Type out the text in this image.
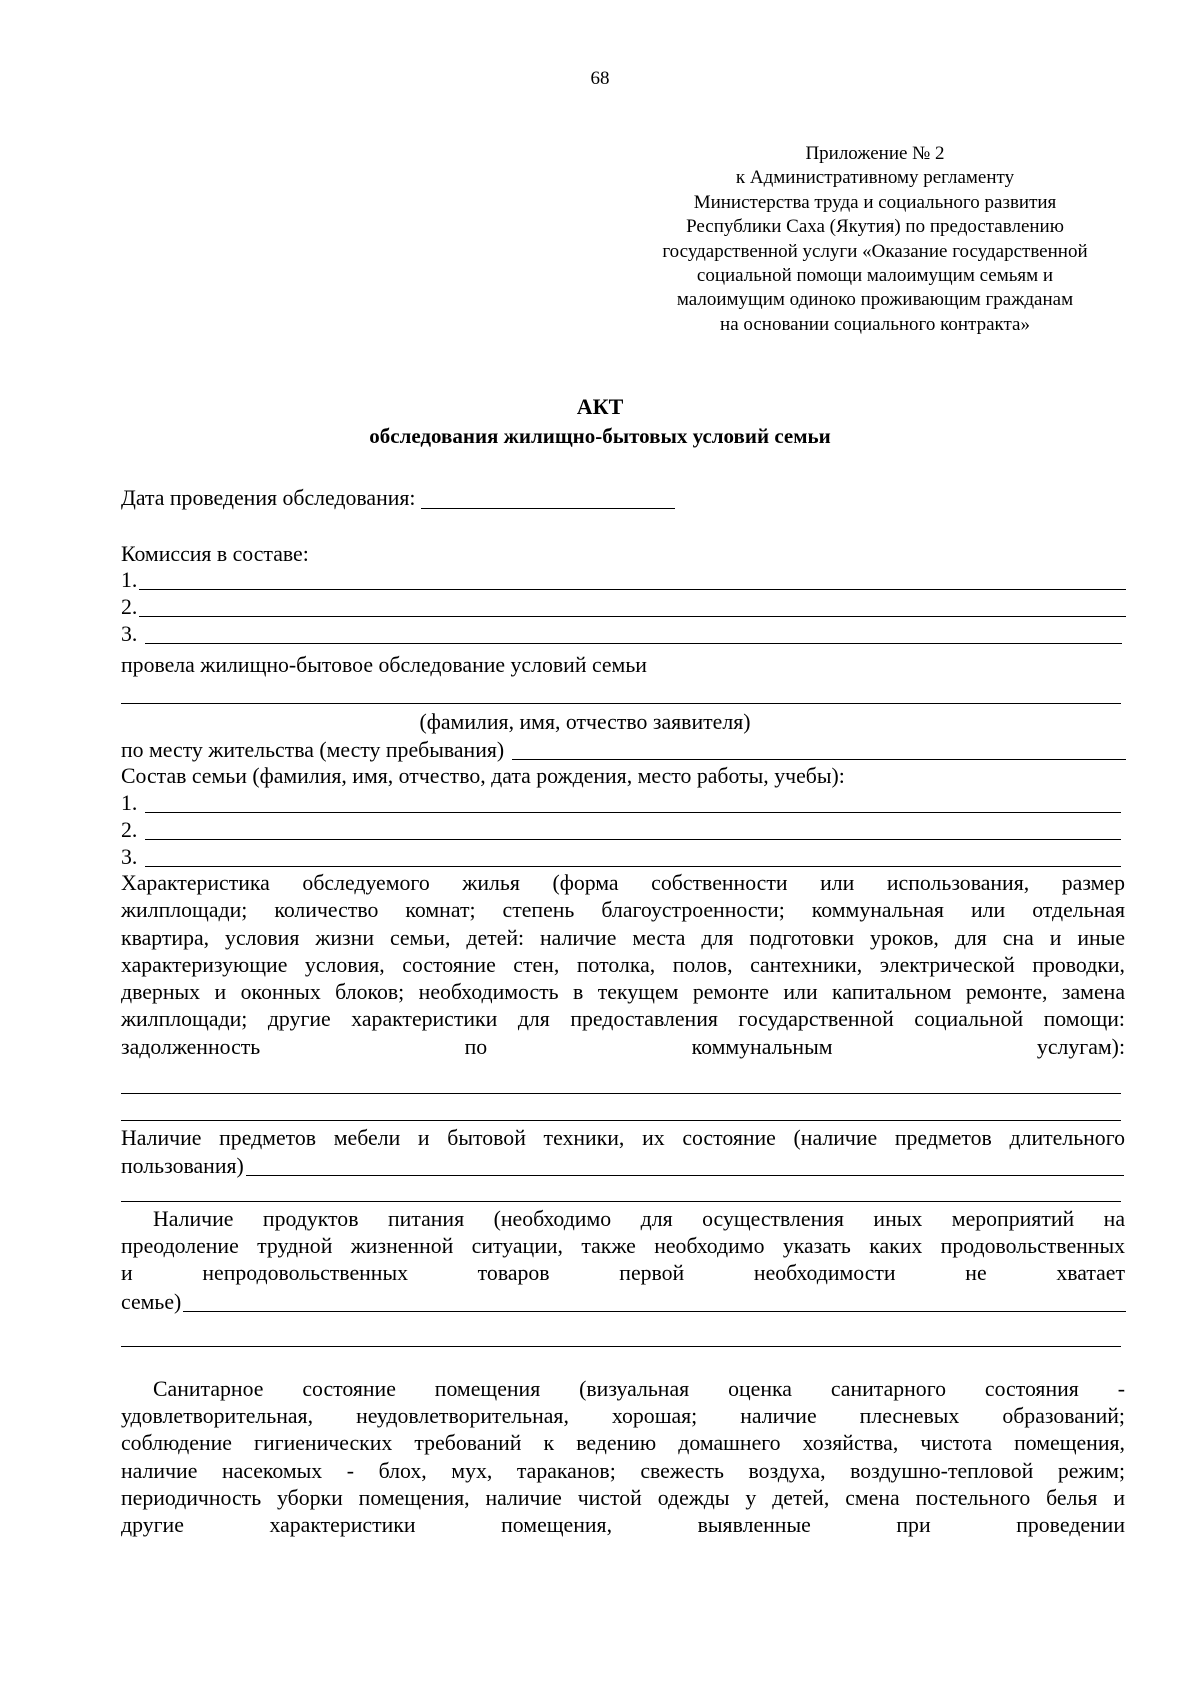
68
Приложение № 2
к Административному регламенту
Министерства труда и социального развития
Республики Саха (Якутия) по предоставлению
государственной услуги «Оказание государственной
социальной помощи малоимущим семьям и
малоимущим одиноко проживающим гражданам
на основании социального контракта»
АКТ
обследования жилищно-бытовых условий семьи
Дата проведения обследования:
Комиссия в составе:
1.
2.
3.
провела жилищно-бытовое обследование условий семьи
(фамилия, имя, отчество заявителя)
по месту жительства (месту пребывания)
Состав семьи (фамилия, имя, отчество, дата рождения, место работы, учебы):
1.
2.
3.
Характеристика обследуемого жилья (форма собственности или использования, размер
жилплощади; количество комнат; степень благоустроенности; коммунальная или отдельная
квартира, условия жизни семьи, детей: наличие места для подготовки уроков, для сна и иные
характеризующие условия, состояние стен, потолка, полов, сантехники, электрической проводки,
дверных и оконных блоков; необходимость в текущем ремонте или капитальном ремонте, замена
жилплощади; другие характеристики для предоставления государственной социальной помощи:
задолженность по коммунальным услугам):
Наличие предметов мебели и бытовой техники, их состояние (наличие предметов длительного
пользования)
Наличие продуктов питания (необходимо для осуществления иных мероприятий на
преодоление трудной жизненной ситуации, также необходимо указать каких продовольственных
и непродовольственных товаров первой необходимости не хватает
семье)
Санитарное состояние помещения (визуальная оценка санитарного состояния -
удовлетворительная, неудовлетворительная, хорошая; наличие плесневых образований;
соблюдение гигиенических требований к ведению домашнего хозяйства, чистота помещения,
наличие насекомых - блох, мух, тараканов; свежесть воздуха, воздушно-тепловой режим;
периодичность уборки помещения, наличие чистой одежды у детей, смена постельного белья и
другие характеристики помещения, выявленные при проведении
